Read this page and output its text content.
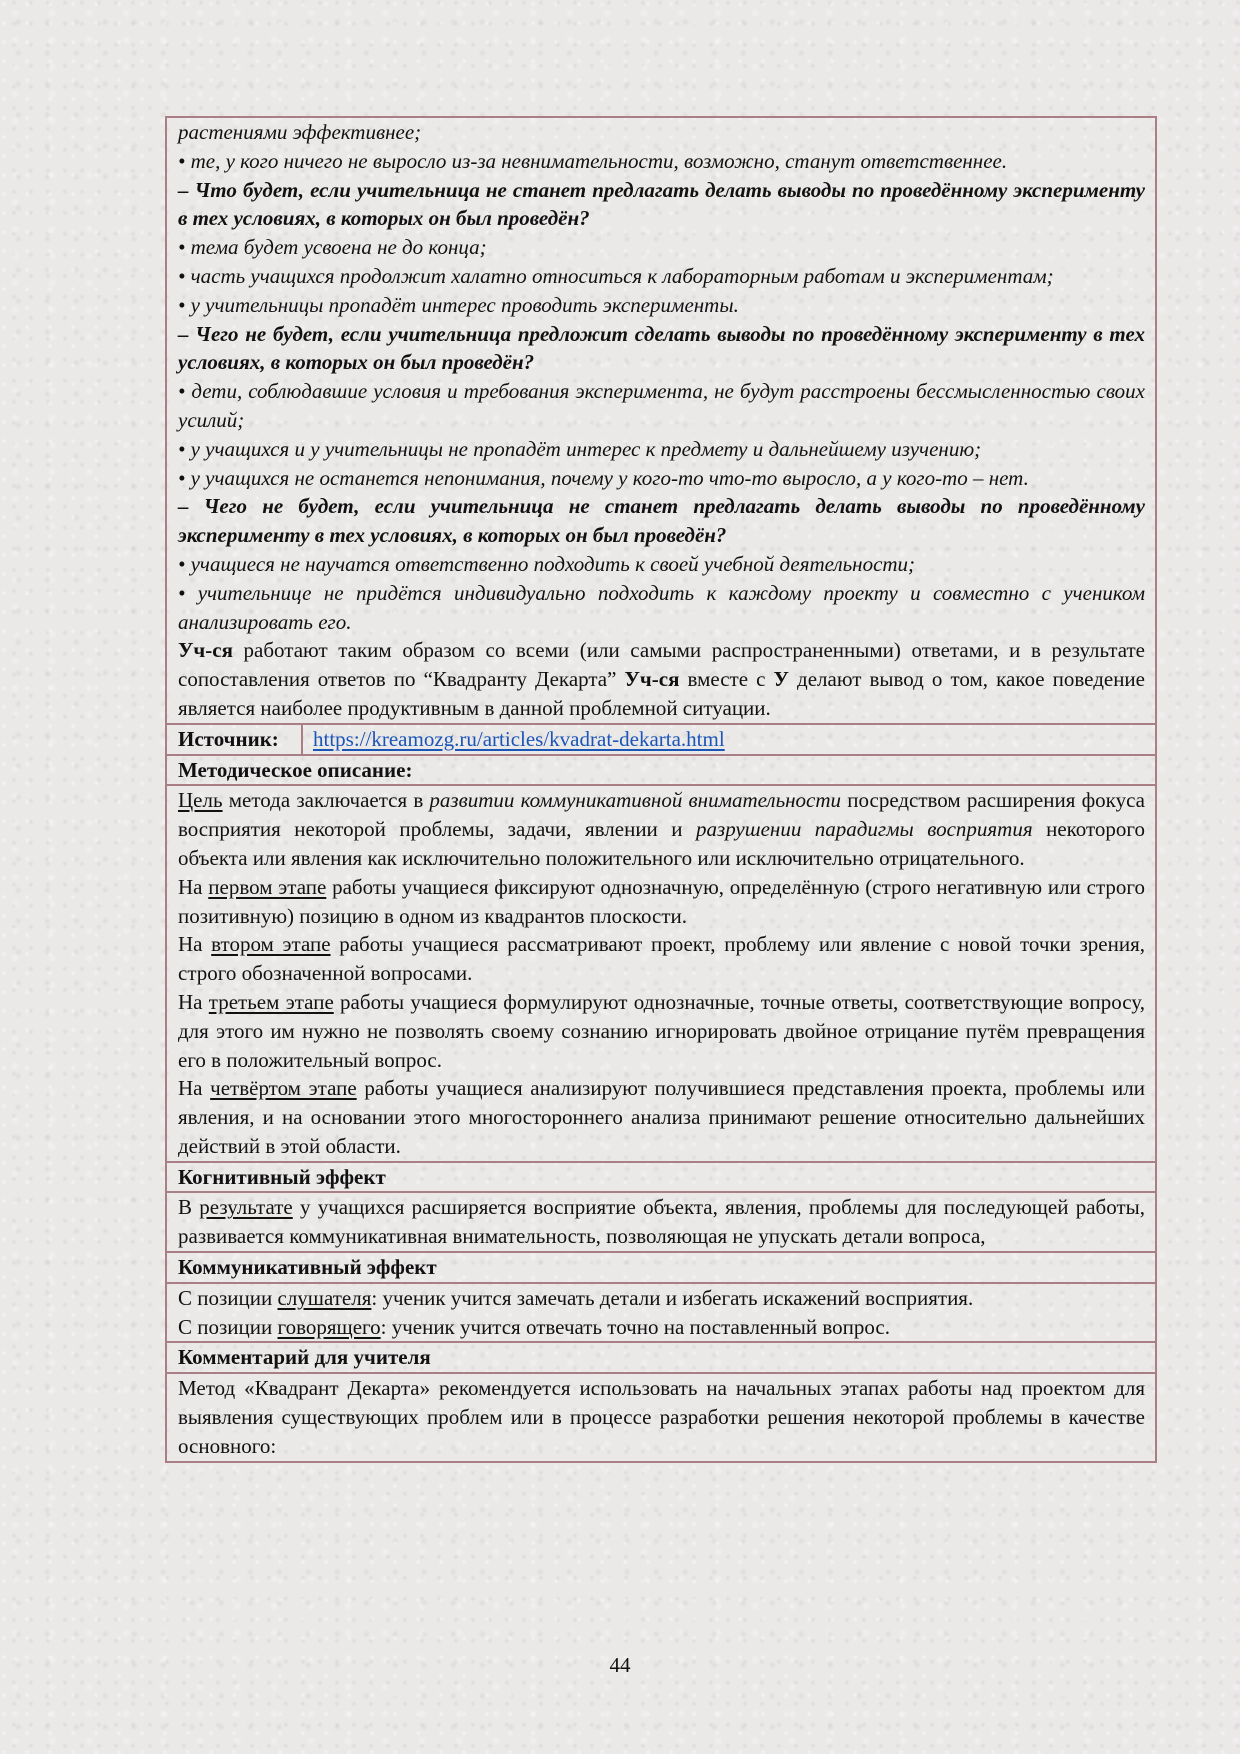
растениями эффективнее;

• те, у кого ничего не выросло из-за невнимательности, возможно, станут ответственнее.

– Что будет, если учительница не станет предлагать делать выводы по проведённому эксперименту в тех условиях, в которых он был проведён?

• тема будет усвоена не до конца;

• часть учащихся продолжит халатно относиться к лабораторным работам и экспериментам;

• у учительницы пропадёт интерес проводить эксперименты.

– Чего не будет, если учительница предложит сделать выводы по проведённому эксперименту в тех условиях, в которых он был проведён?

• дети, соблюдавшие условия и требования эксперимента, не будут расстроены бессмысленностью своих усилий;

• у учащихся и у учительницы не пропадёт интерес к предмету и дальнейшему изучению;

• у учащихся не останется непонимания, почему у кого-то что-то выросло, а у кого-то – нет.

– Чего не будет, если учительница не станет предлагать делать выводы по проведённому эксперименту в тех условиях, в которых он был проведён?

• учащиеся не научатся ответственно подходить к своей учебной деятельности;

• учительнице не придётся индивидуально подходить к каждому проекту и совместно с учеником анализировать его.

Уч-ся работают таким образом со всеми (или самыми распространенными) ответами, и в результате сопоставления ответов по “Квадранту Декарта” Уч-ся вместе с У делают вывод о том, какое поведение является наиболее продуктивным в данной проблемной ситуации.

Источник:	https://kreamozg.ru/articles/kvadrat-dekarta.html
Методическое описание:

Цель метода заключается в развитии коммуникативной внимательности посредством расширения фокуса восприятия некоторой проблемы, задачи, явлении и разрушении парадигмы восприятия некоторого объекта или явления как исключительно положительного или исключительно отрицательного.

На первом этапе работы учащиеся фиксируют однозначную, определённую (строго негативную или строго позитивную) позицию в одном из квадрантов плоскости.

На втором этапе работы учащиеся рассматривают проект, проблему или явление с новой точки зрения, строго обозначенной вопросами.

На третьем этапе работы учащиеся формулируют однозначные, точные ответы, соответствующие вопросу, для этого им нужно не позволять своему сознанию игнорировать двойное отрицание путём превращения его в положительный вопрос.

На четвёртом этапе работы учащиеся анализируют получившиеся представления проекта, проблемы или явления, и на основании этого многостороннего анализа принимают решение относительно дальнейших действий в этой области.

Когнитивный эффект

В результате у учащихся расширяется восприятие объекта, явления, проблемы для последующей работы, развивается коммуникативная внимательность, позволяющая не упускать детали вопроса,

Коммуникативный эффект

С позиции слушателя: ученик учится замечать детали и избегать искажений восприятия.

С позиции говорящего: ученик учится отвечать точно на поставленный вопрос.

Комментарий для учителя

Метод «Квадрант Декарта» рекомендуется использовать на начальных этапах работы над проектом для выявления существующих проблем или в процессе разработки решения некоторой проблемы в качестве основного:

44
